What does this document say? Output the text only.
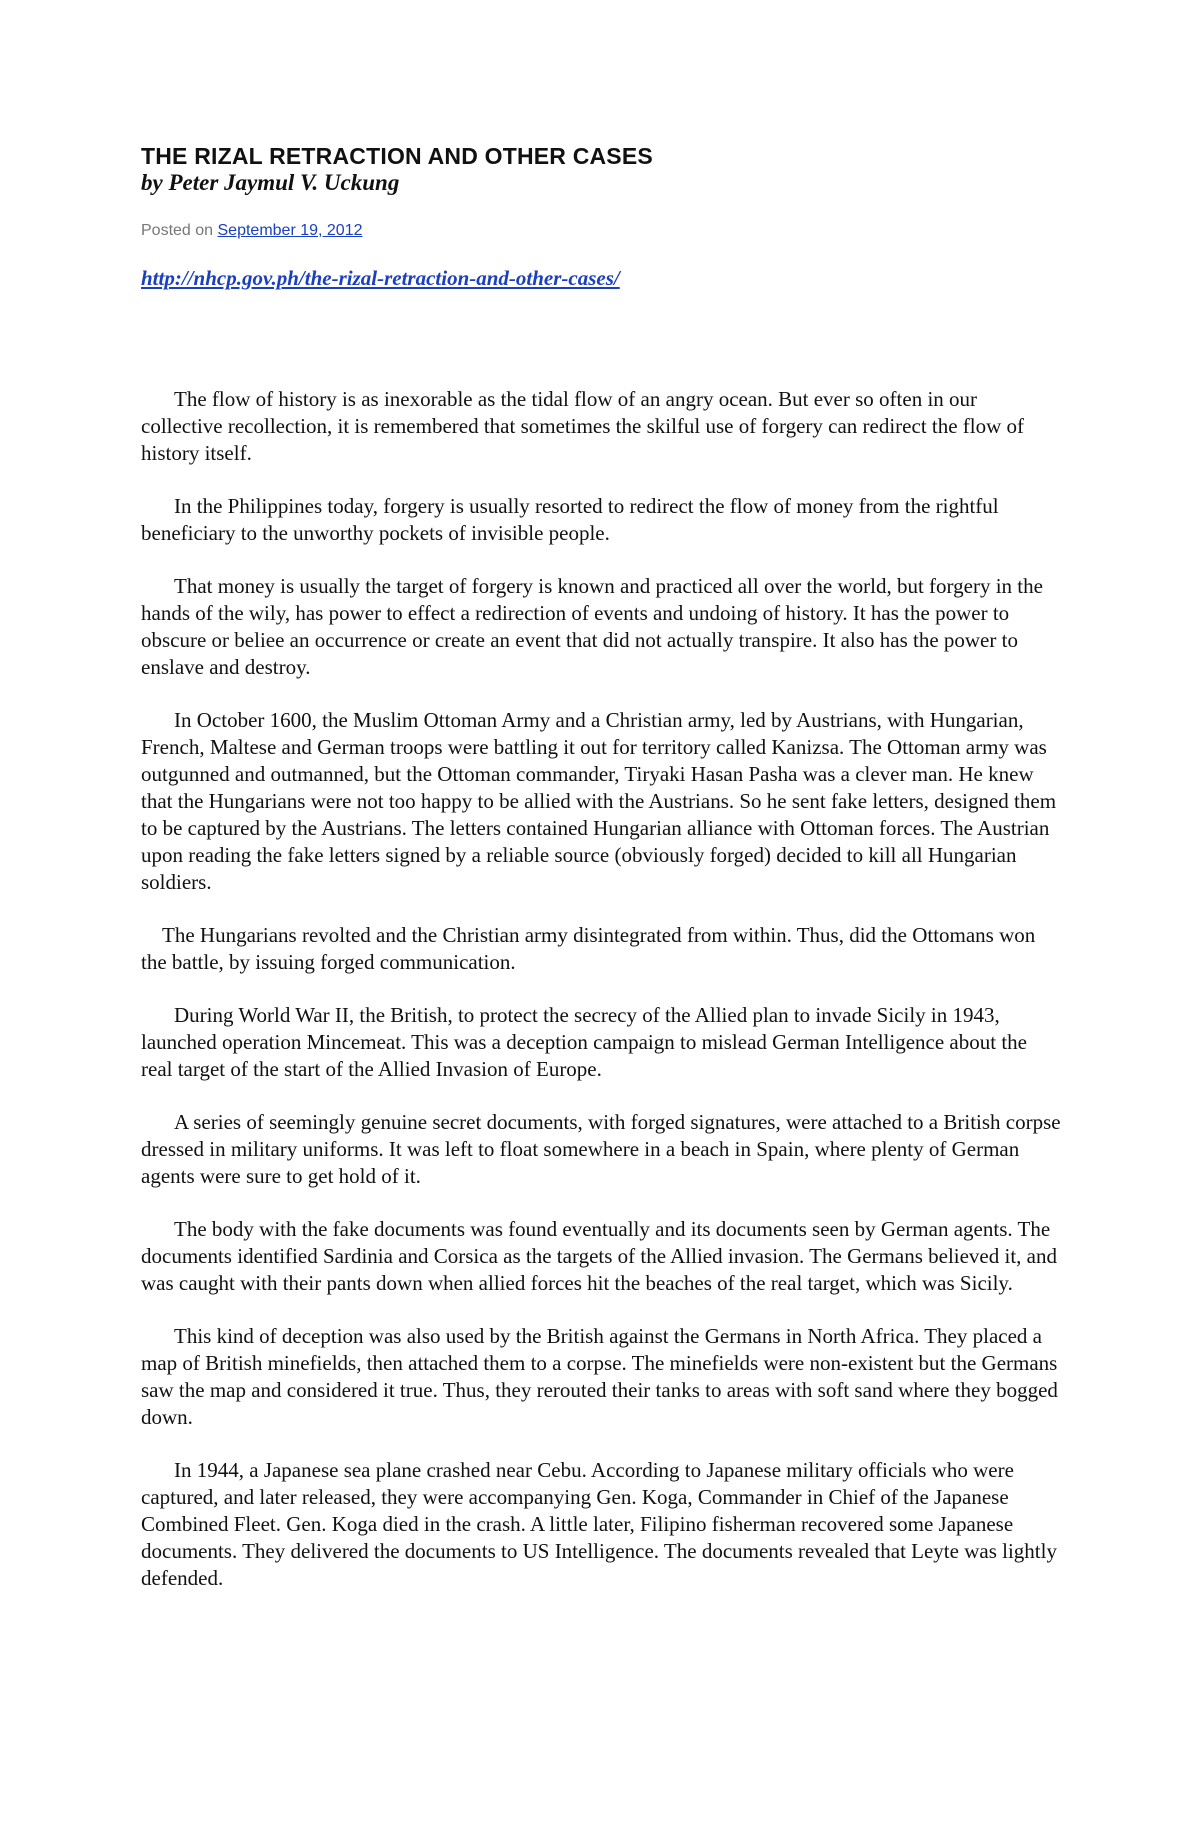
THE RIZAL RETRACTION AND OTHER CASES
by Peter Jaymul V. Uckung
Posted on September 19, 2012
http://nhcp.gov.ph/the-rizal-retraction-and-other-cases/

The flow of history is as inexorable as the tidal flow of an angry ocean. But ever so often in our collective recollection, it is remembered that sometimes the skilful use of forgery can redirect the flow of history itself.

In the Philippines today, forgery is usually resorted to redirect the flow of money from the rightful beneficiary to the unworthy pockets of invisible people.

That money is usually the target of forgery is known and practiced all over the world, but forgery in the hands of the wily, has power to effect a redirection of events and undoing of history. It has the power to obscure or beliee an occurrence or create an event that did not actually transpire. It also has the power to enslave and destroy.

In October 1600, the Muslim Ottoman Army and a Christian army, led by Austrians, with Hungarian, French, Maltese and German troops were battling it out for territory called Kanizsa. The Ottoman army was outgunned and outmanned, but the Ottoman commander, Tiryaki Hasan Pasha was a clever man. He knew that the Hungarians were not too happy to be allied with the Austrians. So he sent fake letters, designed them to be captured by the Austrians. The letters contained Hungarian alliance with Ottoman forces. The Austrian upon reading the fake letters signed by a reliable source (obviously forged) decided to kill all Hungarian soldiers.

The Hungarians revolted and the Christian army disintegrated from within. Thus, did the Ottomans won the battle, by issuing forged communication.

During World War II, the British, to protect the secrecy of the Allied plan to invade Sicily in 1943, launched operation Mincemeat. This was a deception campaign to mislead German Intelligence about the real target of the start of the Allied Invasion of Europe.

A series of seemingly genuine secret documents, with forged signatures, were attached to a British corpse dressed in military uniforms. It was left to float somewhere in a beach in Spain, where plenty of German agents were sure to get hold of it.

The body with the fake documents was found eventually and its documents seen by German agents. The documents identified Sardinia and Corsica as the targets of the Allied invasion. The Germans believed it, and was caught with their pants down when allied forces hit the beaches of the real target, which was Sicily.

This kind of deception was also used by the British against the Germans in North Africa. They placed a map of British minefields, then attached them to a corpse. The minefields were non-existent but the Germans saw the map and considered it true. Thus, they rerouted their tanks to areas with soft sand where they bogged down.

In 1944, a Japanese sea plane crashed near Cebu. According to Japanese military officials who were captured, and later released, they were accompanying Gen. Koga, Commander in Chief of the Japanese Combined Fleet. Gen. Koga died in the crash. A little later, Filipino fisherman recovered some Japanese documents. They delivered the documents to US Intelligence. The documents revealed that Leyte was lightly defended.
